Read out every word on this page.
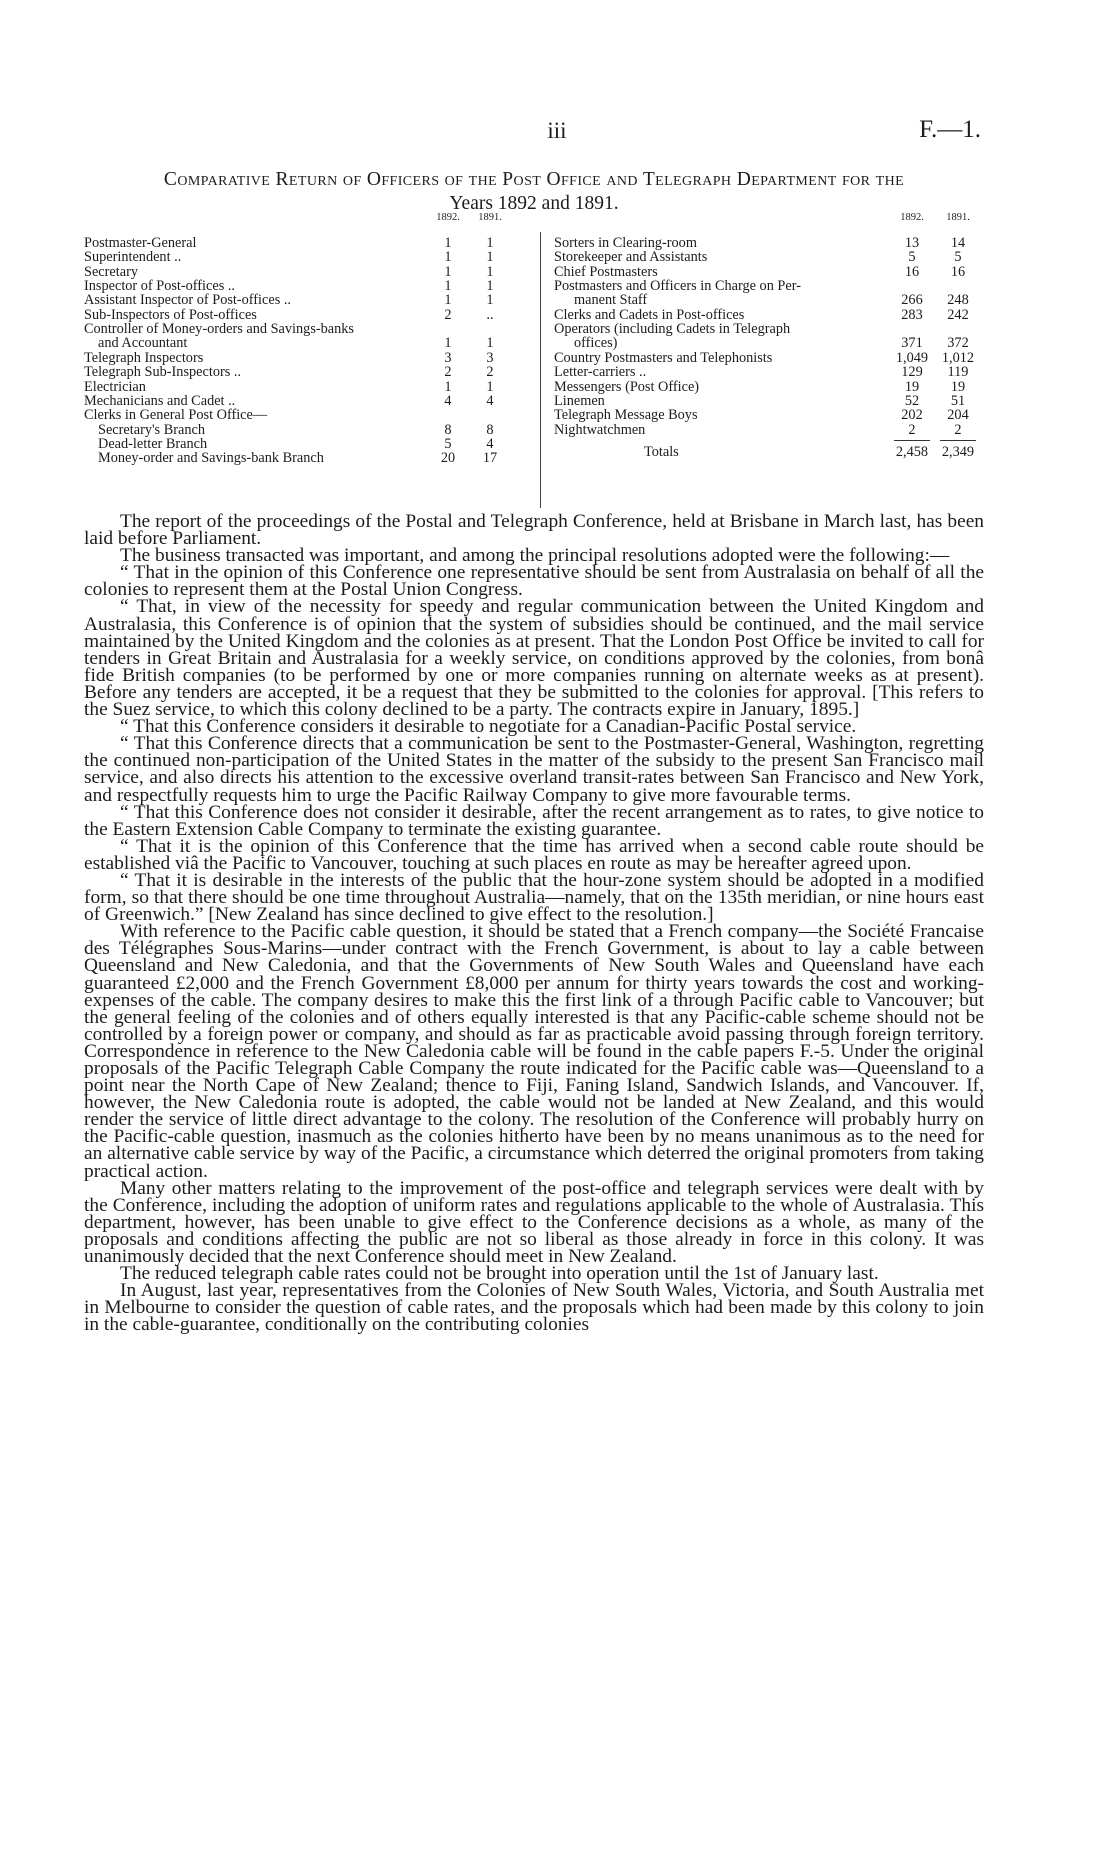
iii	F.—1.
Comparative Return of Officers of the Post Office and Telegraph Department for the
Years 1892 and 1891.
1892.	1891.
Postmaster-General	1	1
Superintendent ..	1	1
Secretary	1	1
Inspector of Post-offices ..	1	1
Assistant Inspector of Post-offices ..	1	1
Sub-Inspectors of Post-offices	2	..
Controller of Money-orders and Savings-banks
and Accountant	1	1
Telegraph Inspectors	3	3
Telegraph Sub-Inspectors ..	2	2
Electrician	1	1
Mechanicians and Cadet ..	4	4
Clerks in General Post Office—
Secretary's Branch	8	8
Dead-letter Branch	5	4
Money-order and Savings-bank Branch	20	17
1892.	1891.
Sorters in Clearing-room	13	14
Storekeeper and Assistants	5	5
Chief Postmasters	16	16
Postmasters and Officers in Charge on Per-
manent Staff	266	248
Clerks and Cadets in Post-offices	283	242
Operators (including Cadets in Telegraph
offices)	371	372
Country Postmasters and Telephonists	1,049 1,012
Letter-carriers ..	129	119
Messengers (Post Office)	19	19
Linemen	52	51
Telegraph Message Boys	202	204
Nightwatchmen	2	2
Totals	2,458 2,349

The report of the proceedings of the Postal and Telegraph Conference, held at Brisbane in March last, has been laid before Parliament.

The business transacted was important, and among the principal resolutions adopted were the following:—

“ That in the opinion of this Conference one representative should be sent from Australasia on behalf of all the colonies to represent them at the Postal Union Congress.

“ That, in view of the necessity for speedy and regular communication between the United Kingdom and Australasia, this Conference is of opinion that the system of subsidies should be continued, and the mail service maintained by the United Kingdom and the colonies as at present. That the London Post Office be invited to call for tenders in Great Britain and Australasia for a weekly service, on conditions approved by the colonies, from bonâ fide British companies (to be performed by one or more companies running on alternate weeks as at present). Before any tenders are accepted, it be a request that they be submitted to the colonies for approval. [This refers to the Suez service, to which this colony declined to be a party. The contracts expire in January, 1895.]

“ That this Conference considers it desirable to negotiate for a Canadian-Pacific Postal service.

“ That this Conference directs that a communication be sent to the Postmaster-General, Washington, regretting the continued non-participation of the United States in the matter of the subsidy to the present San Francisco mail service, and also directs his attention to the excessive overland transit-rates between San Francisco and New York, and respectfully requests him to urge the Pacific Railway Company to give more favourable terms.

“ That this Conference does not consider it desirable, after the recent arrangement as to rates, to give notice to the Eastern Extension Cable Company to terminate the existing guarantee.

“ That it is the opinion of this Conference that the time has arrived when a second cable route should be established viâ the Pacific to Vancouver, touching at such places en route as may be hereafter agreed upon.

“ That it is desirable in the interests of the public that the hour-zone system should be adopted in a modified form, so that there should be one time throughout Australia—namely, that on the 135th meridian, or nine hours east of Greenwich.” [New Zealand has since declined to give effect to the resolution.]

With reference to the Pacific cable question, it should be stated that a French company—the Société Francaise des Télégraphes Sous-Marins—under contract with the French Government, is about to lay a cable between Queensland and New Caledonia, and that the Governments of New South Wales and Queensland have each guaranteed £2,000 and the French Government £8,000 per annum for thirty years towards the cost and working-expenses of the cable. The company desires to make this the first link of a through Pacific cable to Vancouver; but the general feeling of the colonies and of others equally interested is that any Pacific-cable scheme should not be controlled by a foreign power or company, and should as far as practicable avoid passing through foreign territory. Correspondence in reference to the New Caledonia cable will be found in the cable papers F.-5. Under the original proposals of the Pacific Telegraph Cable Company the route indicated for the Pacific cable was—Queensland to a point near the North Cape of New Zealand; thence to Fiji, Faning Island, Sandwich Islands, and Vancouver. If, however, the New Caledonia route is adopted, the cable would not be landed at New Zealand, and this would render the service of little direct advantage to the colony. The resolution of the Conference will probably hurry on the Pacific-cable question, inasmuch as the colonies hitherto have been by no means unanimous as to the need for an alternative cable service by way of the Pacific, a circumstance which deterred the original promoters from taking practical action.

Many other matters relating to the improvement of the post-office and telegraph services were dealt with by the Conference, including the adoption of uniform rates and regulations applicable to the whole of Australasia. This department, however, has been unable to give effect to the Conference decisions as a whole, as many of the proposals and conditions affecting the public are not so liberal as those already in force in this colony. It was unanimously decided that the next Conference should meet in New Zealand.

The reduced telegraph cable rates could not be brought into operation until the 1st of January last.

In August, last year, representatives from the Colonies of New South Wales, Victoria, and South Australia met in Melbourne to consider the question of cable rates, and the proposals which had been made by this colony to join in the cable-guarantee, conditionally on the contributing colonies
